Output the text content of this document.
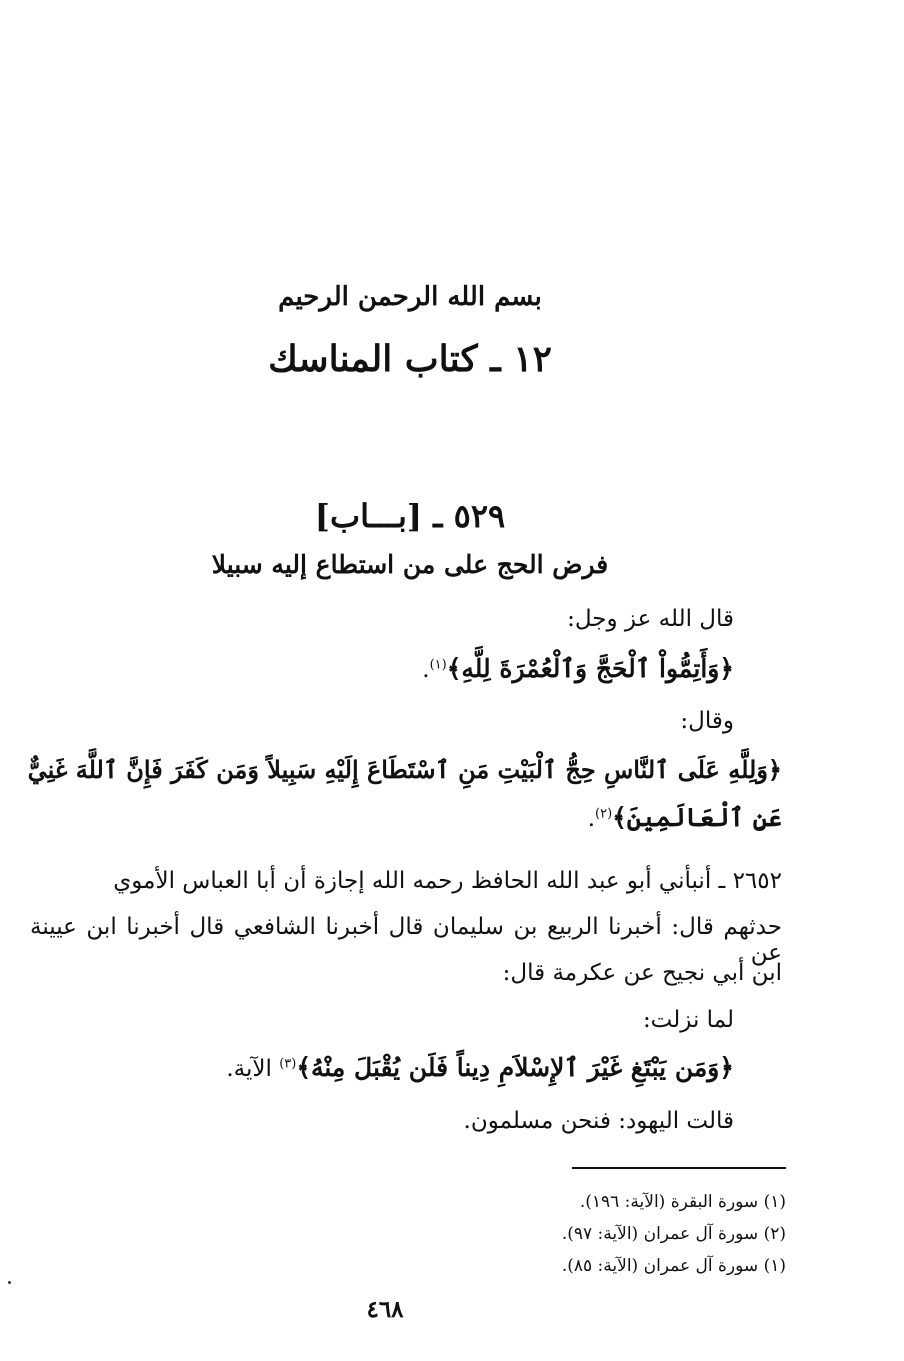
بسم الله الرحمن الرحيم
١٢ ـ كتاب المناسك
٥٢٩ ـ [بـــاب]
فرض الحج على من استطاع إليه سبيلا
قال الله عز وجل:
﴿وَأَتِمُّواْ ٱلْحَجَّ وَٱلْعُمْرَةَ لِلَّهِ﴾$^{(١)}$.
وقال:
﴿وَلِلَّهِ عَلَى ٱلنَّاسِ حِجُّ ٱلْبَيْتِ مَنِ ٱسْتَطَاعَ إِلَيْهِ سَبِيلاً وَمَن كَفَرَ فَإِنَّ ٱللَّهَ غَنِيٌّ
عَنِ ٱلْعَالَمِينَ﴾$^{(٢)}$.
٢٦٥٢ ـ أنبأني أبو عبد الله الحافظ رحمه الله إجازة أن أبا العباس الأموي
حدثهم قال: أخبرنا الربيع بن سليمان قال أخبرنا الشافعي قال أخبرنا ابن عيينة عن
ابن أبي نجيح عن عكرمة قال:
لما نزلت:
﴿وَمَن يَبْتَغِ غَيْرَ ٱلإِسْلاَمِ دِيناً فَلَن يُقْبَلَ مِنْهُ﴾$^{(٣)}$ الآية.
قالت اليهود: فنحن مسلمون.
(١) سورة البقرة (الآية: ١٩٦).
(٢) سورة آل عمران (الآية: ٩٧).
(١) سورة آل عمران (الآية: ٨٥).
٤٦٨
